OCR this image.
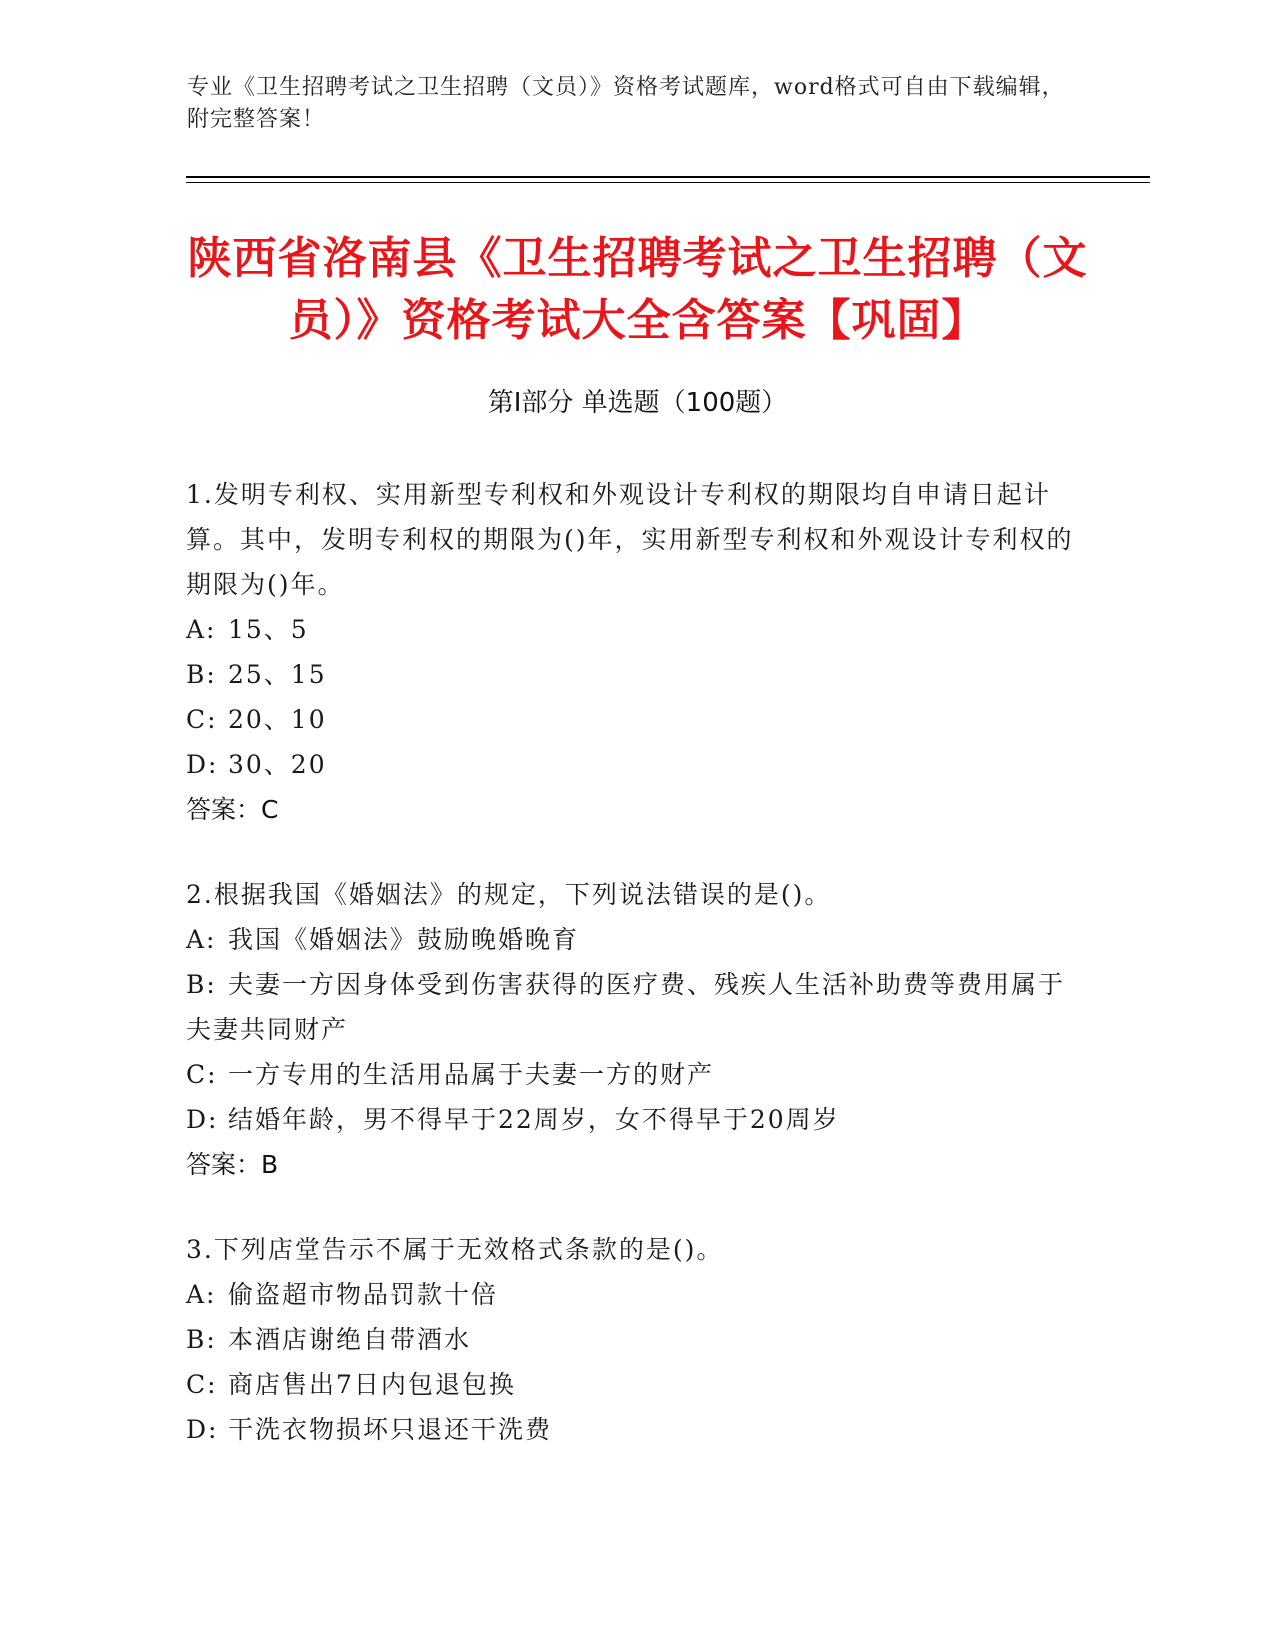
专业《卫生招聘考试之卫生招聘（文员）》资格考试题库，word格式可自由下载编辑，附完整答案！
陕西省洛南县《卫生招聘考试之卫生招聘（文员）》资格考试大全含答案【巩固】
第I部分 单选题（100题）
1.发明专利权、实用新型专利权和外观设计专利权的期限均自申请日起计算。其中，发明专利权的期限为()年，实用新型专利权和外观设计专利权的期限为()年。
A: 15、5
B: 25、15
C: 20、10
D: 30、20
答案：C
2.根据我国《婚姻法》的规定，下列说法错误的是()。
A: 我国《婚姻法》鼓励晚婚晚育
B: 夫妻一方因身体受到伤害获得的医疗费、残疾人生活补助费等费用属于夫妻共同财产
C: 一方专用的生活用品属于夫妻一方的财产
D: 结婚年龄，男不得早于22周岁，女不得早于20周岁
答案：B
3.下列店堂告示不属于无效格式条款的是()。
A: 偷盗超市物品罚款十倍
B: 本酒店谢绝自带酒水
C: 商店售出7日内包退包换
D: 干洗衣物损坏只退还干洗费
